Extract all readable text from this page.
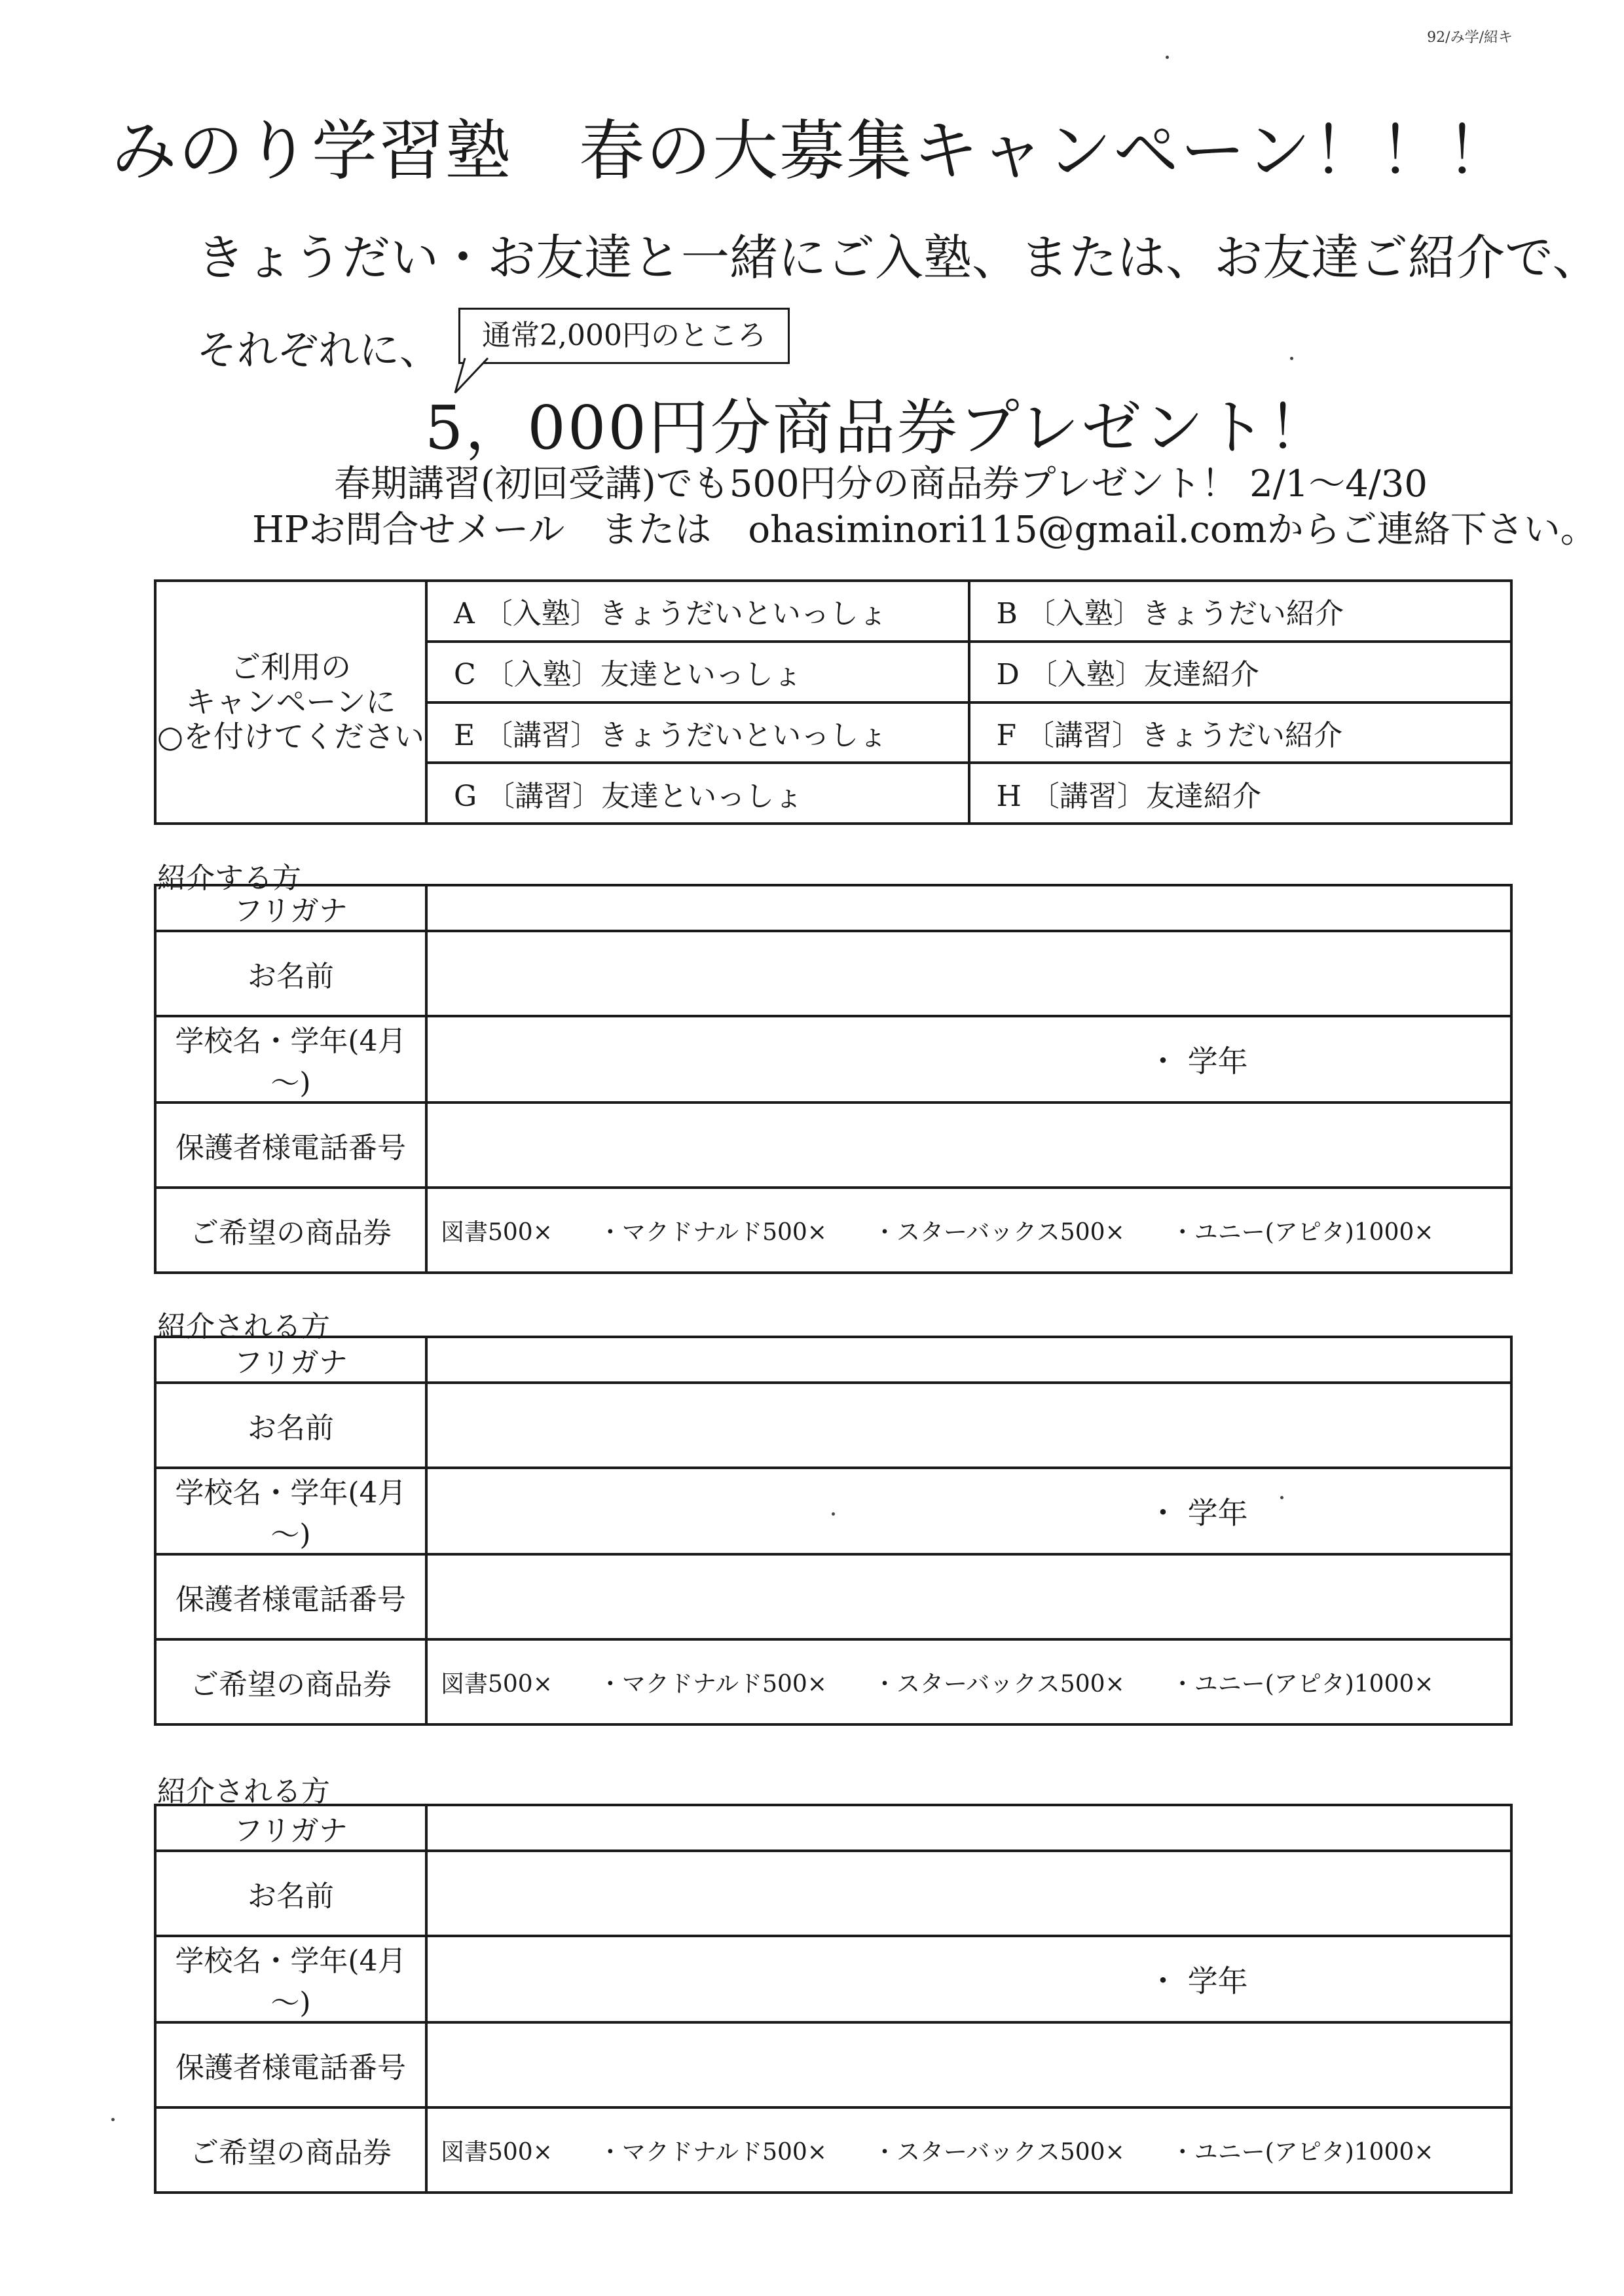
92/み学/紹キ
みのり学習塾　春の大募集キャンペーン！！！
きょうだい・お友達と一緒にご入塾、または、お友達ご紹介で、
それぞれに、	通常2,000円のところ
5，000円分商品券プレゼント！
春期講習(初回受講)でも500円分の商品券プレゼント！ 2/1～4/30
HPお問合せメール　または　ohasiminori115@gmail.comからご連絡下さい。
ご利用の
キャンペーンに
○を付けてください	A 〔入塾〕きょうだいといっしょ	B 〔入塾〕きょうだい紹介
	C 〔入塾〕友達といっしょ	D 〔入塾〕友達紹介
	E 〔講習〕きょうだいといっしょ	F 〔講習〕きょうだい紹介
	G 〔講習〕友達といっしょ	H 〔講習〕友達紹介
紹介する方
フリガナ	
お名前	
学校名・学年(4月～)	・ 学年

保護者様電話番号	
ご希望の商品券	図書500× ・マクドナルド500× ・スターバックス500× ・ユニー(アピタ)1000×
紹介される方
フリガナ	
お名前	
学校名・学年(4月～)	・ 学年

保護者様電話番号	
ご希望の商品券	図書500× ・マクドナルド500× ・スターバックス500× ・ユニー(アピタ)1000×
紹介される方
フリガナ	
お名前	
学校名・学年(4月～)	・ 学年

保護者様電話番号	
ご希望の商品券	図書500× ・マクドナルド500× ・スターバックス500× ・ユニー(アピタ)1000×
